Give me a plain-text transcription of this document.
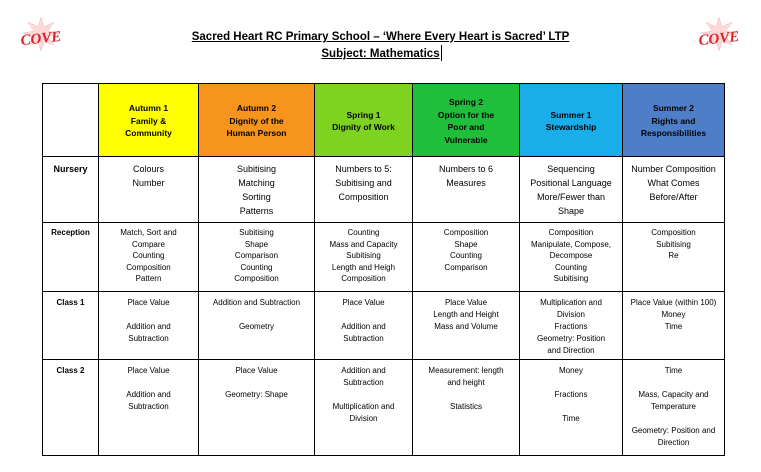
COVE	COVE
Sacred Heart RC Primary School – ‘Where Every Heart is Sacred’ LTP
Subject: Mathematics

	Autumn 1
Family &
Community	Autumn 2
Dignity of the
Human Person	Spring 1
Dignity of Work	Spring 2
Option for the
Poor and
Vulnerable	Summer 1
Stewardship	Summer 2
Rights and
Responsibilities

Nursery	Colours
Number	Subitising
Matching
Sorting
Patterns	Numbers to 5:
Subitising and
Composition	Numbers to 6
Measures	Sequencing
Positional Language
More/Fewer than
Shape	Number Composition
What Comes
Before/After

Reception	Match, Sort and
Compare
Counting
Composition
Pattern	Subitising
Shape
Comparison
Counting
Composition	Counting
Mass and Capacity
Subitising
Length and Heigh
Composition	Composition
Shape
Counting
Comparison	Composition
Manipulate, Compose,
Decompose
Counting
Subitising	Composition
Subitising
Re

Class 1	Place Value
Addition and
Subtraction	Addition and Subtraction
Geometry	Place Value
Addition and
Subtraction	Place Value
Length and Height
Mass and Volume	Multiplication and
Division
Fractions
Geometry: Position
and Direction	Place Value (within 100)
Money
Time

Class 2	Place Value
Addition and
Subtraction	Place Value
Geometry: Shape	Addition and
Subtraction
Multiplication and
Division	Measurement: length
and height
Statistics	Money
Fractions
Time	Time
Mass, Capacity and
Temperature
Geometry: Position and
Direction
